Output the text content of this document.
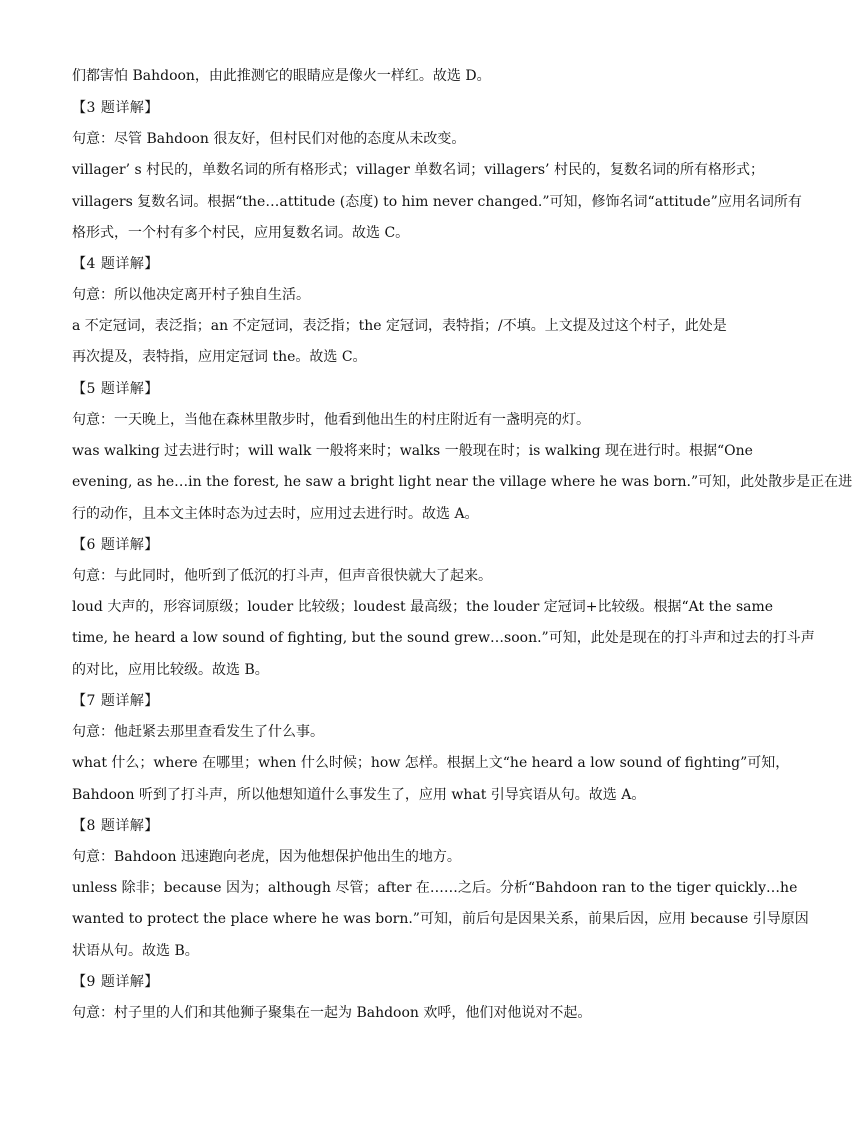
们都害怕 Bahdoon，由此推测它的眼睛应是像火一样红。故选 D。
【3 题详解】
句意：尽管 Bahdoon 很友好，但村民们对他的态度从未改变。
villager’ s 村民的，单数名词的所有格形式；villager 单数名词；villagers’ 村民的，复数名词的所有格形式；
villagers 复数名词。根据“the…attitude (态度) to him never changed.”可知，修饰名词“attitude”应用名词所有
格形式，一个村有多个村民，应用复数名词。故选 C。
【4 题详解】
句意：所以他决定离开村子独自生活。
a 不定冠词，表泛指；an 不定冠词，表泛指；the 定冠词，表特指；/不填。上文提及过这个村子，此处是
再次提及，表特指，应用定冠词 the。故选 C。
【5 题详解】
句意：一天晚上，当他在森林里散步时，他看到他出生的村庄附近有一盏明亮的灯。
was walking 过去进行时；will walk 一般将来时；walks 一般现在时；is walking 现在进行时。根据“One
evening, as he…in the forest, he saw a bright light near the village where he was born.”可知，此处散步是正在进
行的动作，且本文主体时态为过去时，应用过去进行时。故选 A。
【6 题详解】
句意：与此同时，他听到了低沉的打斗声，但声音很快就大了起来。
loud 大声的，形容词原级；louder 比较级；loudest 最高级；the louder 定冠词+比较级。根据“At the same
time, he heard a low sound of fighting, but the sound grew…soon.”可知，此处是现在的打斗声和过去的打斗声
的对比，应用比较级。故选 B。
【7 题详解】
句意：他赶紧去那里查看发生了什么事。
what 什么；where 在哪里；when 什么时候；how 怎样。根据上文“he heard a low sound of fighting”可知，
Bahdoon 听到了打斗声，所以他想知道什么事发生了，应用 what 引导宾语从句。故选 A。
【8 题详解】
句意：Bahdoon 迅速跑向老虎，因为他想保护他出生的地方。
unless 除非；because 因为；although 尽管；after 在……之后。分析“Bahdoon ran to the tiger quickly…he
wanted to protect the place where he was born.”可知，前后句是因果关系，前果后因，应用 because 引导原因
状语从句。故选 B。
【9 题详解】
句意：村子里的人们和其他狮子聚集在一起为 Bahdoon 欢呼，他们对他说对不起。
